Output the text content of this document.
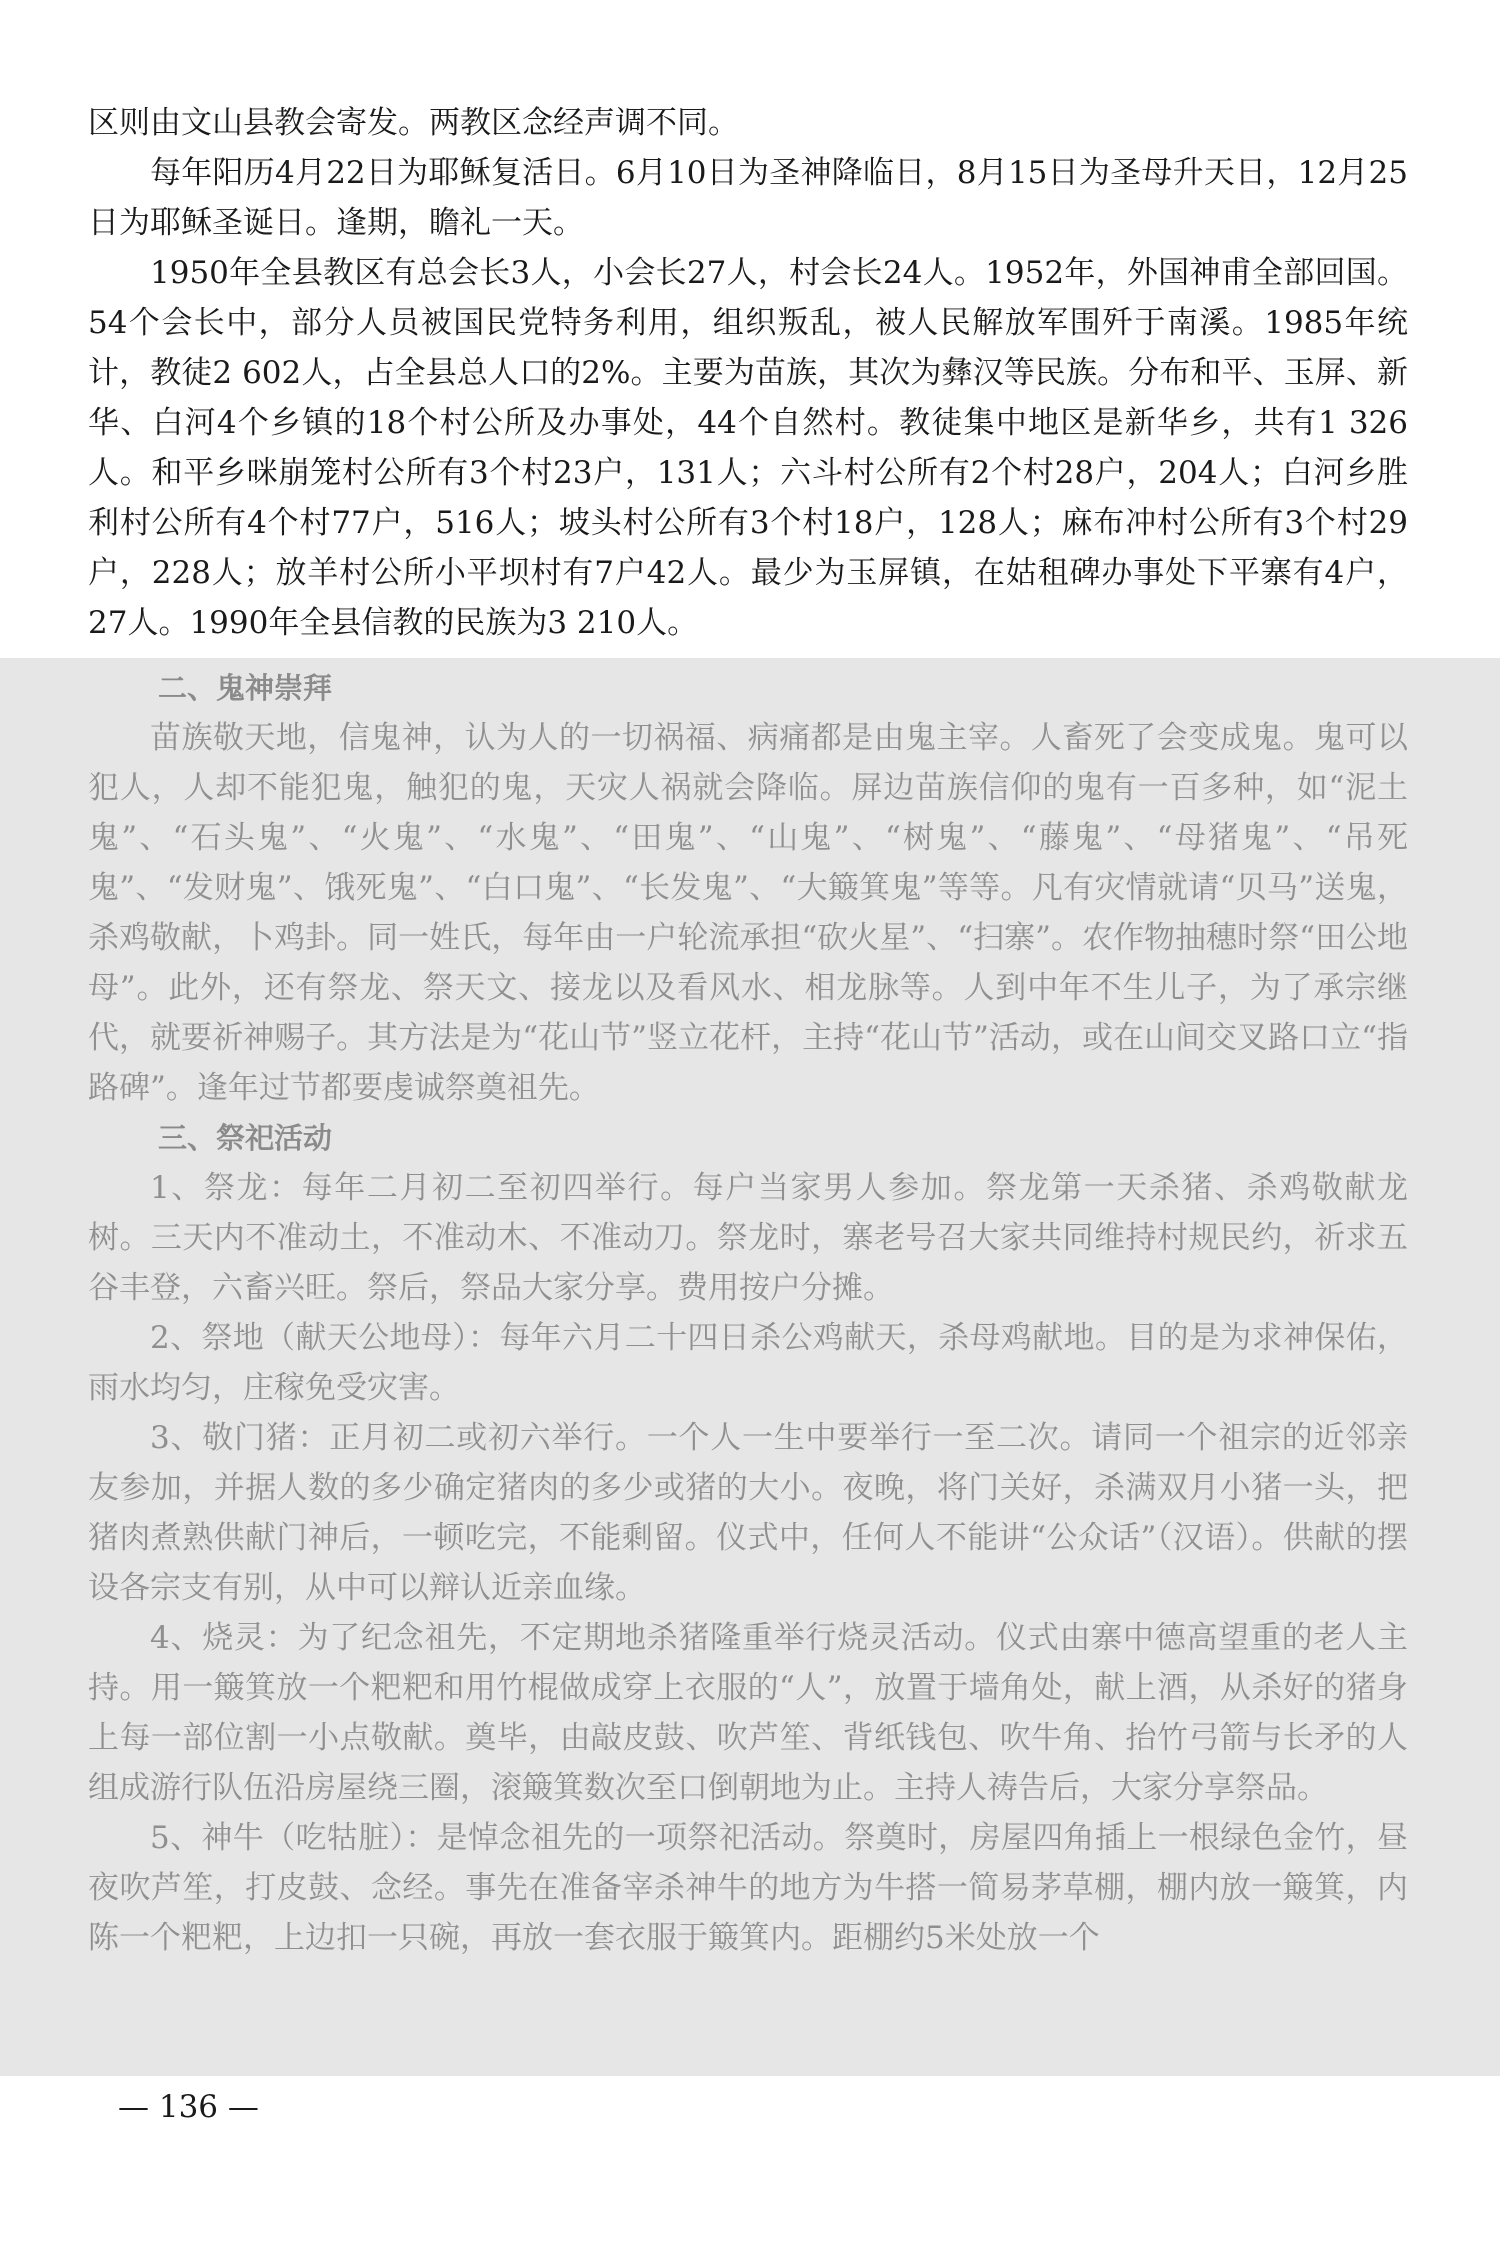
区则由文山县教会寄发。两教区念经声调不同。

每年阳历4月22日为耶稣复活日。6月10日为圣神降临日，8月15日为圣母升天日，12月25日为耶稣圣诞日。逢期，瞻礼一天。

1950年全县教区有总会长3人，小会长27人，村会长24人。1952年，外国神甫全部回国。54个会长中，部分人员被国民党特务利用，组织叛乱，被人民解放军围歼于南溪。1985年统计，教徒2 602人，占全县总人口的2%。主要为苗族，其次为彝汉等民族。分布和平、玉屏、新华、白河4个乡镇的18个村公所及办事处，44个自然村。教徒集中地区是新华乡，共有1 326人。和平乡咪崩笼村公所有3个村23户，131人；六斗村公所有2个村28户，204人；白河乡胜利村公所有4个村77户，516人；坡头村公所有3个村18户，128人；麻布冲村公所有3个村29户，228人；放羊村公所小平坝村有7户42人。最少为玉屏镇，在姑租碑办事处下平寨有4户，27人。1990年全县信教的民族为3 210人。

二、鬼神崇拜

苗族敬天地，信鬼神，认为人的一切祸福、病痛都是由鬼主宰。人畜死了会变成鬼。鬼可以犯人，人却不能犯鬼，触犯的鬼，天灾人祸就会降临。屏边苗族信仰的鬼有一百多种，如“泥土鬼”、“石头鬼”、“火鬼”、“水鬼”、“田鬼”、“山鬼”、“树鬼”、“藤鬼”、“母猪鬼”、“吊死鬼”、“发财鬼”、饿死鬼”、“白口鬼”、“长发鬼”、“大簸箕鬼”等等。凡有灾情就请“贝马”送鬼，杀鸡敬献，卜鸡卦。同一姓氏，每年由一户轮流承担“砍火星”、“扫寨”。农作物抽穗时祭“田公地母”。此外，还有祭龙、祭天文、接龙以及看风水、相龙脉等。人到中年不生儿子，为了承宗继代，就要祈神赐子。其方法是为“花山节”竖立花杆，主持“花山节”活动，或在山间交叉路口立“指路碑”。逢年过节都要虔诚祭奠祖先。

三、祭祀活动

1、祭龙：每年二月初二至初四举行。每户当家男人参加。祭龙第一天杀猪、杀鸡敬献龙树。三天内不准动土，不准动木、不准动刀。祭龙时，寨老号召大家共同维持村规民约，祈求五谷丰登，六畜兴旺。祭后，祭品大家分享。费用按户分摊。

2、祭地（献天公地母）：每年六月二十四日杀公鸡献天，杀母鸡献地。目的是为求神保佑，雨水均匀，庄稼免受灾害。

3、敬门猪：正月初二或初六举行。一个人一生中要举行一至二次。请同一个祖宗的近邻亲友参加，并据人数的多少确定猪肉的多少或猪的大小。夜晚，将门关好，杀满双月小猪一头，把猪肉煮熟供献门神后，一顿吃完，不能剩留。仪式中，任何人不能讲“公众话”（汉语）。供献的摆设各宗支有别，从中可以辩认近亲血缘。

4、烧灵：为了纪念祖先，不定期地杀猪隆重举行烧灵活动。仪式由寨中德高望重的老人主持。用一簸箕放一个粑粑和用竹棍做成穿上衣服的“人”，放置于墙角处，献上酒，从杀好的猪身上每一部位割一小点敬献。奠毕，由敲皮鼓、吹芦笙、背纸钱包、吹牛角、抬竹弓箭与长矛的人组成游行队伍沿房屋绕三圈，滚簸箕数次至口倒朝地为止。主持人祷告后，大家分享祭品。

5、神牛（吃牯脏）：是悼念祖先的一项祭祀活动。祭奠时，房屋四角插上一根绿色金竹，昼夜吹芦笙，打皮鼓、念经。事先在准备宰杀神牛的地方为牛搭一简易茅草棚，棚内放一簸箕，内陈一个粑粑，上边扣一只碗，再放一套衣服于簸箕内。距棚约5米处放一个

— 136 —
